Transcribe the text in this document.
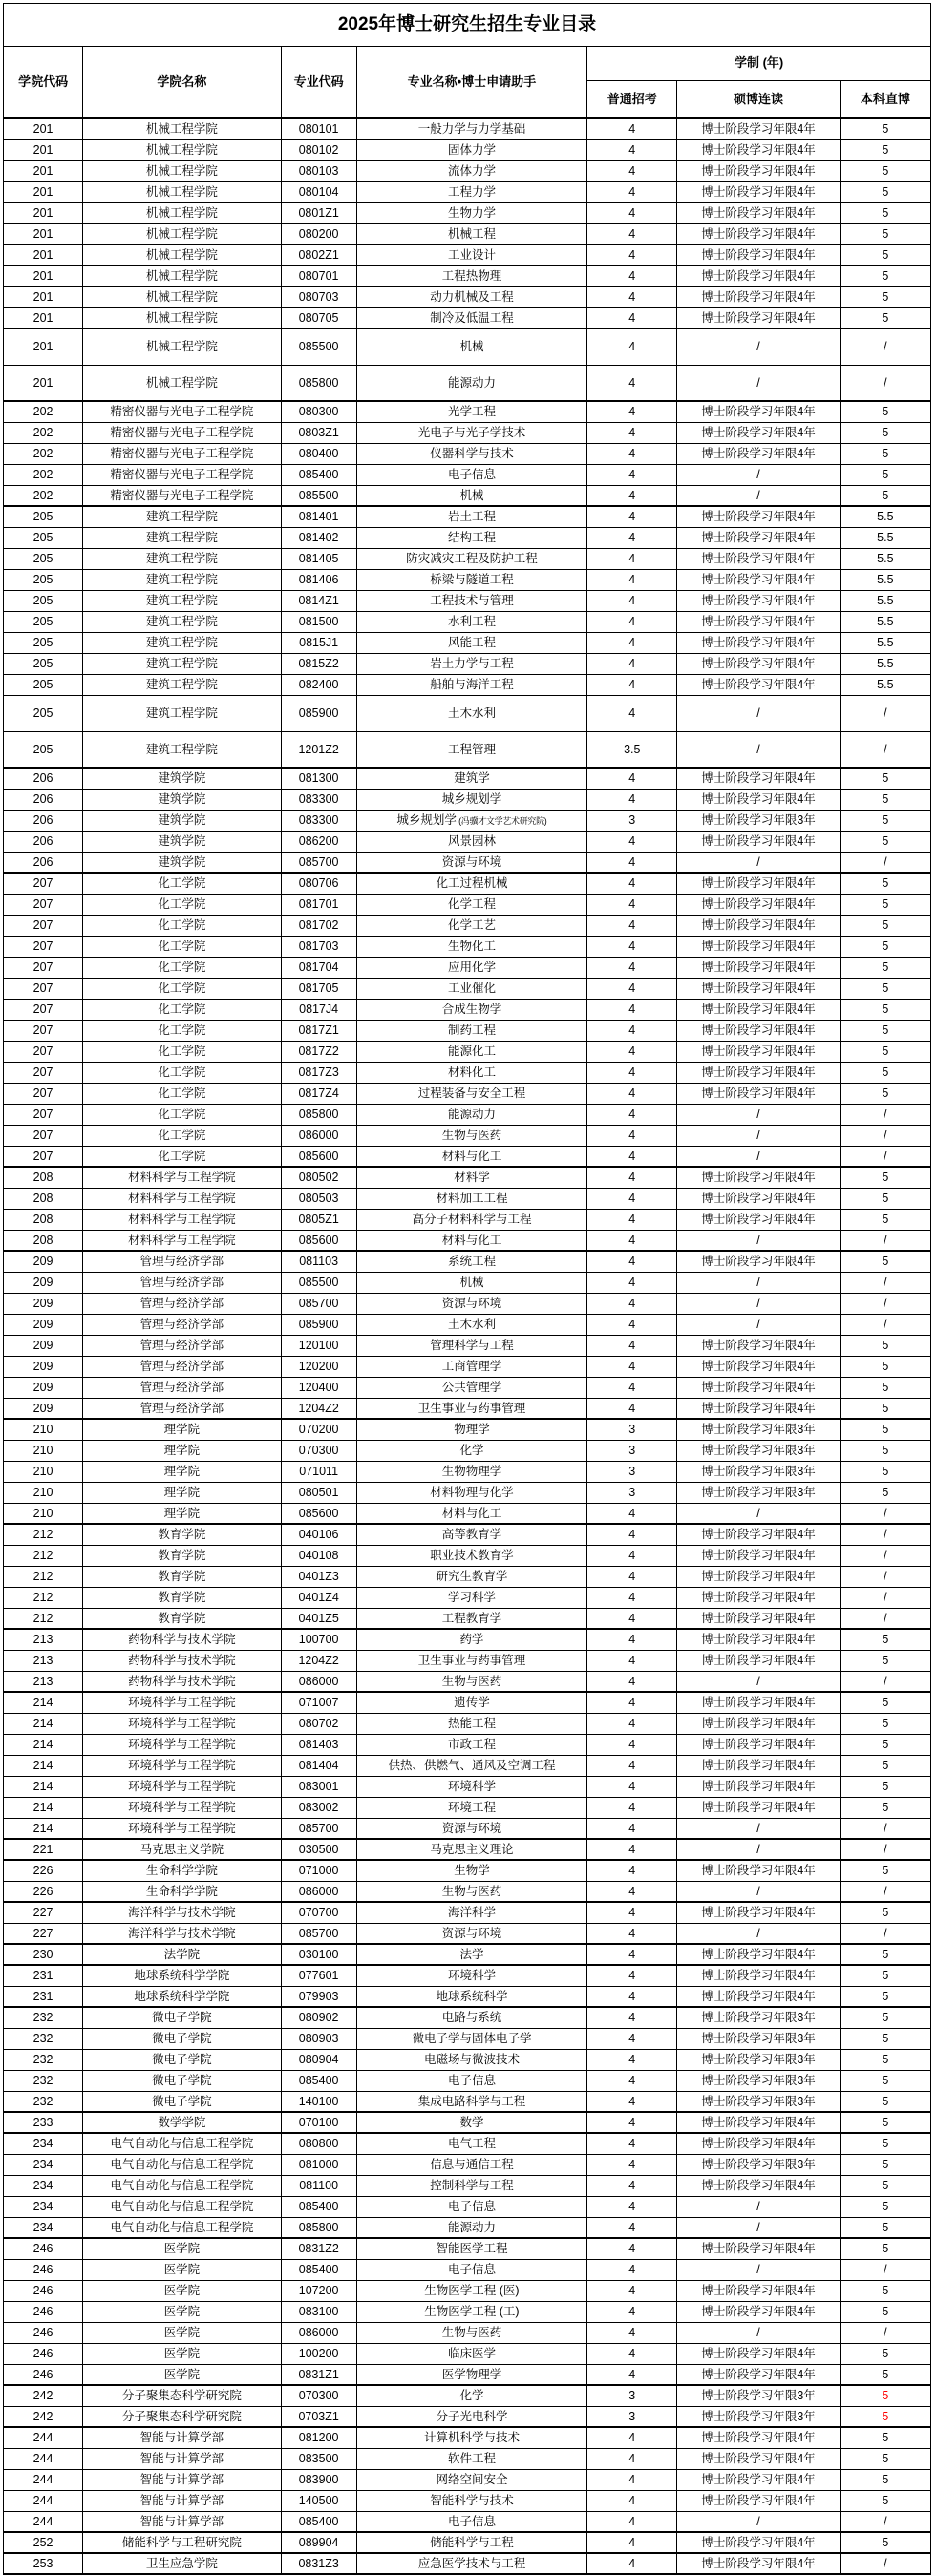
2025年博士研究生招生专业目录						
学院代码	学院名称	专业代码	专业名称•博士申请助手	学制 (年)		
				普通招考	硕博连读	本科直博
201	机械工程学院	080101	一般力学与力学基础	4	博士阶段学习年限4年	5
201	机械工程学院	080102	固体力学	4	博士阶段学习年限4年	5
201	机械工程学院	080103	流体力学	4	博士阶段学习年限4年	5
201	机械工程学院	080104	工程力学	4	博士阶段学习年限4年	5
201	机械工程学院	0801Z1	生物力学	4	博士阶段学习年限4年	5
201	机械工程学院	080200	机械工程	4	博士阶段学习年限4年	5
201	机械工程学院	0802Z1	工业设计	4	博士阶段学习年限4年	5
201	机械工程学院	080701	工程热物理	4	博士阶段学习年限4年	5
201	机械工程学院	080703	动力机械及工程	4	博士阶段学习年限4年	5
201	机械工程学院	080705	制冷及低温工程	4	博士阶段学习年限4年	5
201	机械工程学院	085500	机械	4	/	/
201	机械工程学院	085800	能源动力	4	/	/
202	精密仪器与光电子工程学院	080300	光学工程	4	博士阶段学习年限4年	5
202	精密仪器与光电子工程学院	0803Z1	光电子与光子学技术	4	博士阶段学习年限4年	5
202	精密仪器与光电子工程学院	080400	仪器科学与技术	4	博士阶段学习年限4年	5
202	精密仪器与光电子工程学院	085400	电子信息	4	/	5
202	精密仪器与光电子工程学院	085500	机械	4	/	5
205	建筑工程学院	081401	岩土工程	4	博士阶段学习年限4年	5.5
205	建筑工程学院	081402	结构工程	4	博士阶段学习年限4年	5.5
205	建筑工程学院	081405	防灾减灾工程及防护工程	4	博士阶段学习年限4年	5.5
205	建筑工程学院	081406	桥梁与隧道工程	4	博士阶段学习年限4年	5.5
205	建筑工程学院	0814Z1	工程技术与管理	4	博士阶段学习年限4年	5.5
205	建筑工程学院	081500	水利工程	4	博士阶段学习年限4年	5.5
205	建筑工程学院	0815J1	风能工程	4	博士阶段学习年限4年	5.5
205	建筑工程学院	0815Z2	岩土力学与工程	4	博士阶段学习年限4年	5.5
205	建筑工程学院	082400	船舶与海洋工程	4	博士阶段学习年限4年	5.5
205	建筑工程学院	085900	土木水利	4	/	/
205	建筑工程学院	1201Z2	工程管理	3.5	/	/
206	建筑学院	081300	建筑学	4	博士阶段学习年限4年	5
206	建筑学院	083300	城乡规划学	4	博士阶段学习年限4年	5
206	建筑学院	083300	城乡规划学 (冯骥才文学艺术研究院)	3	博士阶段学习年限3年	5
206	建筑学院	086200	风景园林	4	博士阶段学习年限4年	5
206	建筑学院	085700	资源与环境	4	/	/
207	化工学院	080706	化工过程机械	4	博士阶段学习年限4年	5
207	化工学院	081701	化学工程	4	博士阶段学习年限4年	5
207	化工学院	081702	化学工艺	4	博士阶段学习年限4年	5
207	化工学院	081703	生物化工	4	博士阶段学习年限4年	5
207	化工学院	081704	应用化学	4	博士阶段学习年限4年	5
207	化工学院	081705	工业催化	4	博士阶段学习年限4年	5
207	化工学院	0817J4	合成生物学	4	博士阶段学习年限4年	5
207	化工学院	0817Z1	制药工程	4	博士阶段学习年限4年	5
207	化工学院	0817Z2	能源化工	4	博士阶段学习年限4年	5
207	化工学院	0817Z3	材料化工	4	博士阶段学习年限4年	5
207	化工学院	0817Z4	过程装备与安全工程	4	博士阶段学习年限4年	5
207	化工学院	085800	能源动力	4	/	/
207	化工学院	086000	生物与医药	4	/	/
207	化工学院	085600	材料与化工	4	/	/
208	材料科学与工程学院	080502	材料学	4	博士阶段学习年限4年	5
208	材料科学与工程学院	080503	材料加工工程	4	博士阶段学习年限4年	5
208	材料科学与工程学院	0805Z1	高分子材料科学与工程	4	博士阶段学习年限4年	5
208	材料科学与工程学院	085600	材料与化工	4	/	/
209	管理与经济学部	081103	系统工程	4	博士阶段学习年限4年	5
209	管理与经济学部	085500	机械	4	/	/
209	管理与经济学部	085700	资源与环境	4	/	/
209	管理与经济学部	085900	土木水利	4	/	/
209	管理与经济学部	120100	管理科学与工程	4	博士阶段学习年限4年	5
209	管理与经济学部	120200	工商管理学	4	博士阶段学习年限4年	5
209	管理与经济学部	120400	公共管理学	4	博士阶段学习年限4年	5
209	管理与经济学部	1204Z2	卫生事业与药事管理	4	博士阶段学习年限4年	5
210	理学院	070200	物理学	3	博士阶段学习年限3年	5
210	理学院	070300	化学	3	博士阶段学习年限3年	5
210	理学院	071011	生物物理学	3	博士阶段学习年限3年	5
210	理学院	080501	材料物理与化学	3	博士阶段学习年限3年	5
210	理学院	085600	材料与化工	4	/	/
212	教育学院	040106	高等教育学	4	博士阶段学习年限4年	/
212	教育学院	040108	职业技术教育学	4	博士阶段学习年限4年	/
212	教育学院	0401Z3	研究生教育学	4	博士阶段学习年限4年	/
212	教育学院	0401Z4	学习科学	4	博士阶段学习年限4年	/
212	教育学院	0401Z5	工程教育学	4	博士阶段学习年限4年	/
213	药物科学与技术学院	100700	药学	4	博士阶段学习年限4年	5
213	药物科学与技术学院	1204Z2	卫生事业与药事管理	4	博士阶段学习年限4年	5
213	药物科学与技术学院	086000	生物与医药	4	/	/
214	环境科学与工程学院	071007	遗传学	4	博士阶段学习年限4年	5
214	环境科学与工程学院	080702	热能工程	4	博士阶段学习年限4年	5
214	环境科学与工程学院	081403	市政工程	4	博士阶段学习年限4年	5
214	环境科学与工程学院	081404	供热、供燃气、通风及空调工程	4	博士阶段学习年限4年	5
214	环境科学与工程学院	083001	环境科学	4	博士阶段学习年限4年	5
214	环境科学与工程学院	083002	环境工程	4	博士阶段学习年限4年	5
214	环境科学与工程学院	085700	资源与环境	4	/	/
221	马克思主义学院	030500	马克思主义理论	4	/	/
226	生命科学学院	071000	生物学	4	博士阶段学习年限4年	5
226	生命科学学院	086000	生物与医药	4	/	/
227	海洋科学与技术学院	070700	海洋科学	4	博士阶段学习年限4年	5
227	海洋科学与技术学院	085700	资源与环境	4	/	/
230	法学院	030100	法学	4	博士阶段学习年限4年	5
231	地球系统科学学院	077601	环境科学	4	博士阶段学习年限4年	5
231	地球系统科学学院	079903	地球系统科学	4	博士阶段学习年限4年	5
232	微电子学院	080902	电路与系统	4	博士阶段学习年限3年	5
232	微电子学院	080903	微电子学与固体电子学	4	博士阶段学习年限3年	5
232	微电子学院	080904	电磁场与微波技术	4	博士阶段学习年限3年	5
232	微电子学院	085400	电子信息	4	博士阶段学习年限3年	5
232	微电子学院	140100	集成电路科学与工程	4	博士阶段学习年限3年	5
233	数学学院	070100	数学	4	博士阶段学习年限4年	5
234	电气自动化与信息工程学院	080800	电气工程	4	博士阶段学习年限4年	5
234	电气自动化与信息工程学院	081000	信息与通信工程	4	博士阶段学习年限3年	5
234	电气自动化与信息工程学院	081100	控制科学与工程	4	博士阶段学习年限4年	5
234	电气自动化与信息工程学院	085400	电子信息	4	/	5
234	电气自动化与信息工程学院	085800	能源动力	4	/	5
246	医学院	0831Z2	智能医学工程	4	博士阶段学习年限4年	5
246	医学院	085400	电子信息	4	/	/
246	医学院	107200	生物医学工程 (医)	4	博士阶段学习年限4年	5
246	医学院	083100	生物医学工程 (工)	4	博士阶段学习年限4年	5
246	医学院	086000	生物与医药	4	/	/
246	医学院	100200	临床医学	4	博士阶段学习年限4年	5
246	医学院	0831Z1	医学物理学	4	博士阶段学习年限4年	5
242	分子聚集态科学研究院	070300	化学	3	博士阶段学习年限3年	5
242	分子聚集态科学研究院	0703Z1	分子光电科学	3	博士阶段学习年限3年	5
244	智能与计算学部	081200	计算机科学与技术	4	博士阶段学习年限4年	5
244	智能与计算学部	083500	软件工程	4	博士阶段学习年限4年	5
244	智能与计算学部	083900	网络空间安全	4	博士阶段学习年限4年	5
244	智能与计算学部	140500	智能科学与技术	4	博士阶段学习年限4年	5
244	智能与计算学部	085400	电子信息	4	/	/
252	储能科学与工程研究院	089904	储能科学与工程	4	博士阶段学习年限4年	5
253	卫生应急学院	0831Z3	应急医学技术与工程	4	博士阶段学习年限4年	/
